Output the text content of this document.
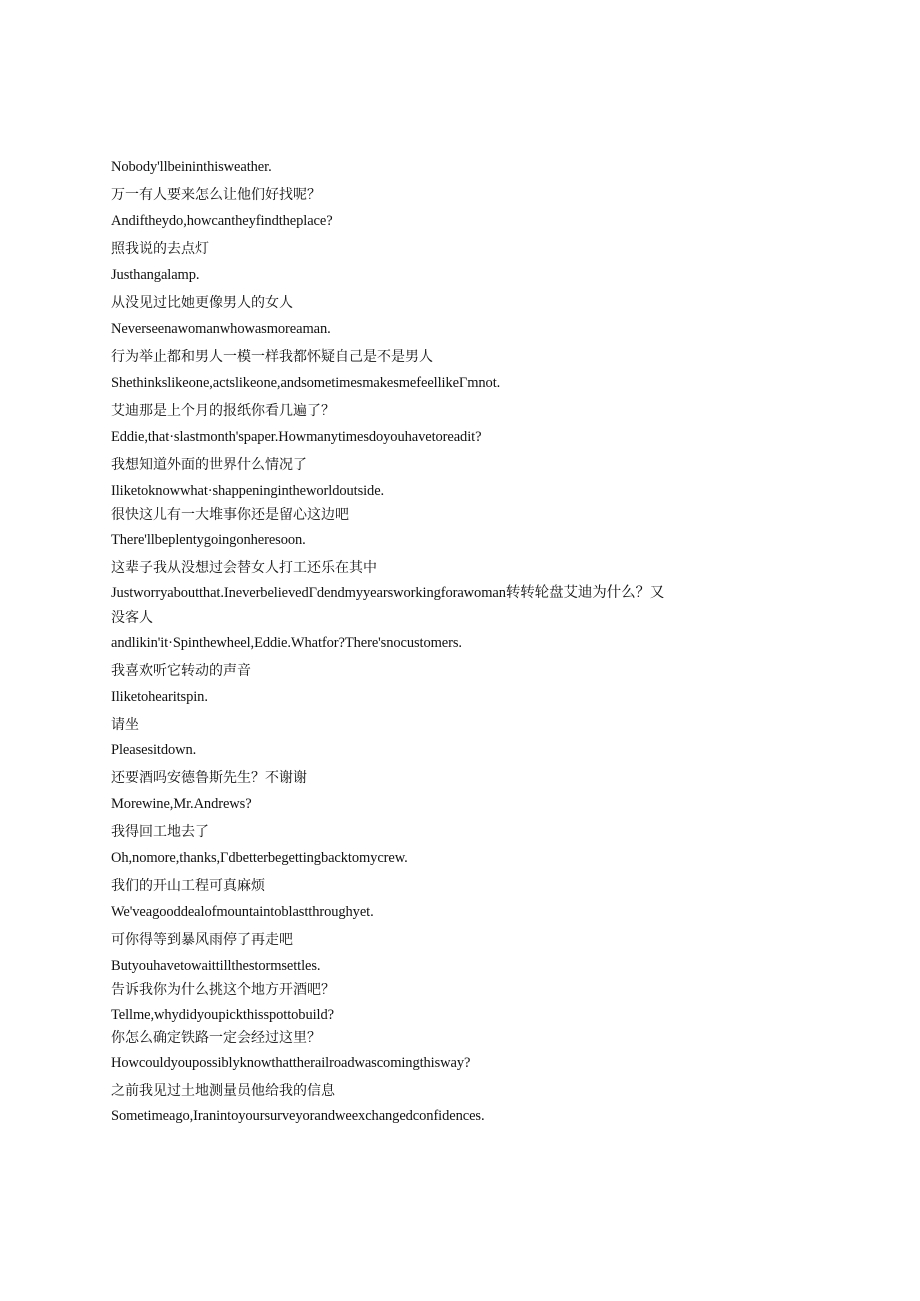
Nobody'llbeininthisweather.

万一有人要来怎么让他们好找呢？

Andiftheydo,howcantheyfindtheplace?

照我说的去点灯

Justhangalamp.

从没见过比她更像男人的女人

Neverseenawomanwhowasmoreaman.

行为举止都和男人一模一样我都怀疑自己是不是男人

Shethinkslikeone,actslikeone,andsometimesmakesmefeellikeΓmnot.

艾迪那是上个月的报纸你看几遍了？

Eddie,that·slastmonth'spaper.Howmanytimesdoyouhavetoreadit?

我想知道外面的世界什么情况了

Iliketoknowwhat·shappeningintheworldoutside.

很快这儿有一大堆事你还是留心这边吧

There'llbeplentygoingonheresoon.

这辈子我从没想过会替女人打工还乐在其中

Justworryaboutthat.IneverbelievedΓdendmyyearsworkingforawoman转转轮盘艾迪为什么？又

没客人

andlikin'it·Spinthewheel,Eddie.Whatfor?There'snocustomers.

我喜欢听它转动的声音

Iliketohearitspin.

请坐

Pleasesitdown.

还要酒吗安德鲁斯先生？不谢谢

Morewine,Mr.Andrews?

我得回工地去了

Oh,nomore,thanks,Γdbetterbegettingbacktomycrew.

我们的开山工程可真麻烦

We'veagooddealofmountaintoblastthroughyet.

可你得等到暴风雨停了再走吧

Butyouhavetowaittillthestormsettles.

告诉我你为什么挑这个地方开酒吧？

Tellme,whydidyoupickthisspottobuild?

你怎么确定铁路一定会经过这里？

Howcouldyoupossiblyknowthattherailroadwascomingthisway?

之前我见过土地测量员他给我的信息

Sometimeago,Iranintoyoursurveyorandweexchangedconfidences.
